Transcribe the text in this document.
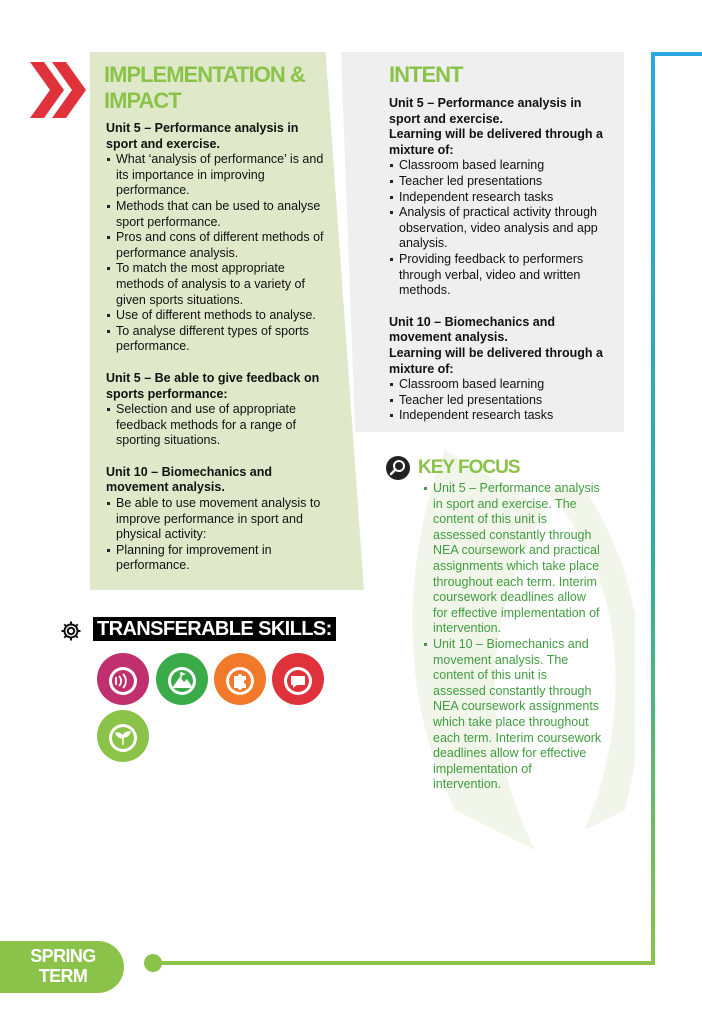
IMPLEMENTATION &
IMPACT
Unit 5 – Performance analysis in sport and exercise.
What ‘analysis of performance’ is and its importance in improving performance.
Methods that can be used to analyse sport performance.
Pros and cons of different methods of performance analysis.
To match the most appropriate methods of analysis to a variety of given sports situations.
Use of different methods to analyse.
To analyse different types of sports performance.
Unit 5 – Be able to give feedback on sports performance:
Selection and use of appropriate feedback methods for a range of sporting situations.
Unit 10 – Biomechanics and movement analysis.
Be able to use movement analysis to improve performance in sport and physical activity:
Planning for improvement in performance.
INTENT
Unit 5 – Performance analysis in sport and exercise.
Learning will be delivered through a mixture of:
Classroom based learning
Teacher led presentations
Independent research tasks
Analysis of practical activity through observation, video analysis and app analysis.
Providing feedback to performers through verbal, video and written methods.
Unit 10 – Biomechanics and movement analysis.
Learning will be delivered through a mixture of:
Classroom based learning
Teacher led presentations
Independent research tasks
KEY FOCUS
Unit 5 – Performance analysis in sport and exercise. The content of this unit is assessed constantly through NEA coursework and practical assignments which take place throughout each term. Interim coursework deadlines allow for effective implementation of intervention.
Unit 10 – Biomechanics and movement analysis. The content of this unit is assessed constantly through NEA coursework assignments which take place throughout each term. Interim coursework deadlines allow for effective implementation of intervention.
TRANSFERABLE SKILLS:
SPRING
TERM
